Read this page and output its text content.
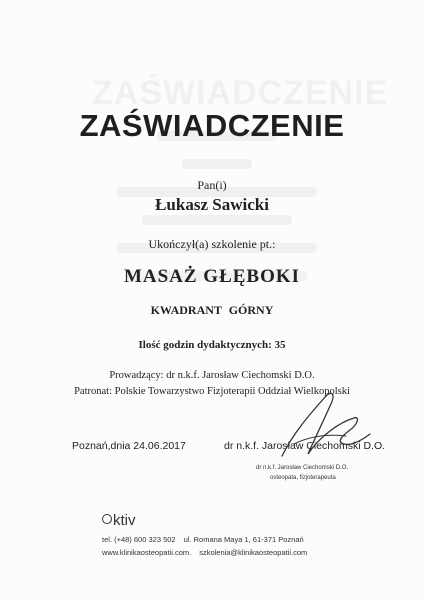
ZAŚWIADCZENIE
ZAŚWIADCZENIE
Pan(i)
Łukasz Sawicki
Ukończył(a) szkolenie pt.:
MASAŻ GŁĘBOKI
KWADRANT GÓRNY
Ilość godzin dydaktycznych: 35
Prowadzący: dr n.k.f. Jarosław Ciechomski D.O.
Patronat: Polskie Towarzystwo Fizjoterapii Oddział Wielkopolski
Poznań,dnia 24.06.2017	dr n.k.f. Jarosław Ciechomski D.O.
dr n.k.f. Jarosław Ciechomski D.O.
osteopata, fizjoterapeuta
ktiv
tel. (+48) 600 323 502 ul. Romana Maya 1, 61-371 Poznań
www.klinikaosteopatii.com. szkolenia@klinikaosteopatii.com
